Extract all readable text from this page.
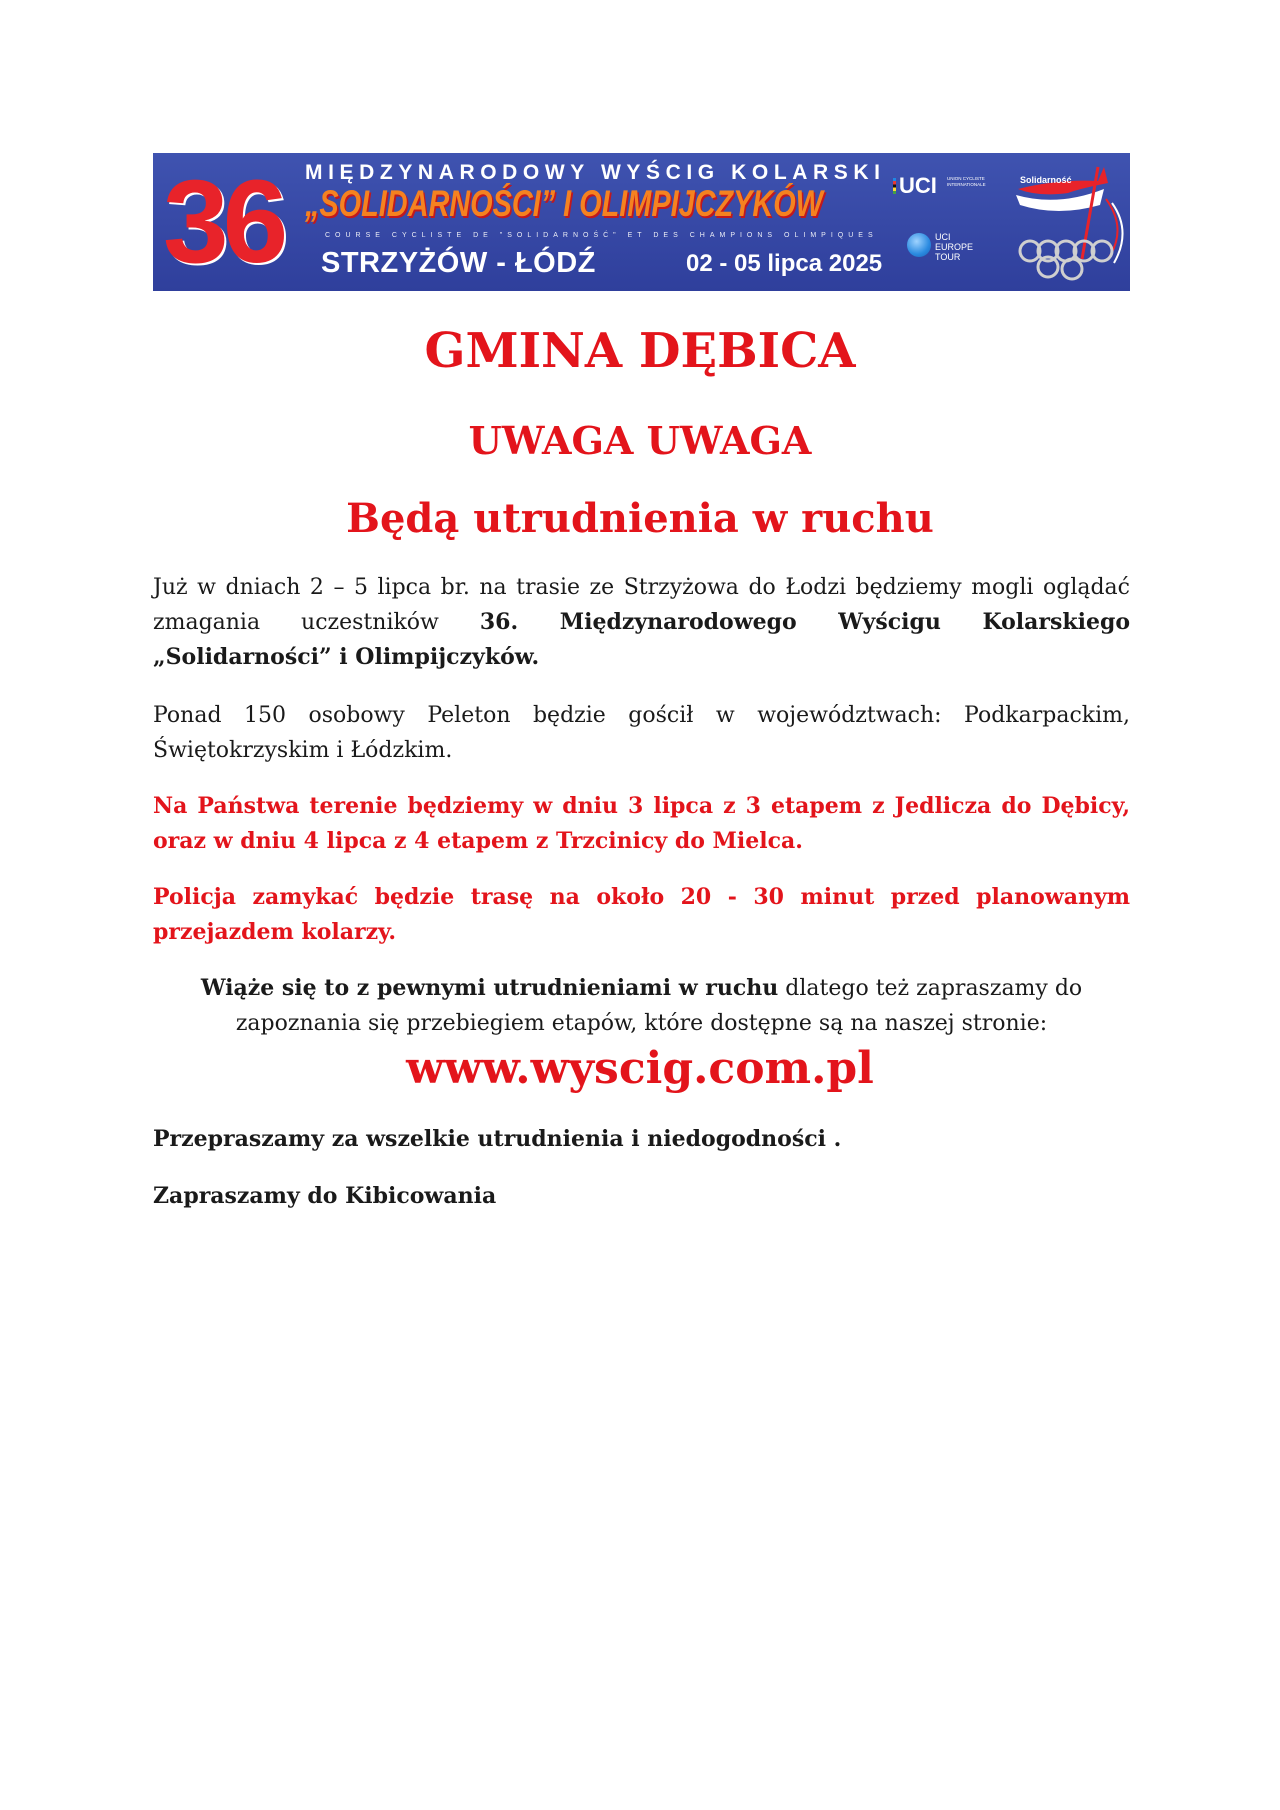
36 MIĘDZYNARODOWY WYŚCIG KOLARSKI
„SOLIDARNOŚCI” I OLIMPIJCZYKÓW
COURSE CYCLISTE DE "SOLIDARNOŚĆ" ET DES CHAMPIONS OLIMPIQUES
STRZYŻÓW - ŁÓDŹ	02 - 05 lipca 2025
UCI UNION CYCLISTE INTERNATIONALE
UCI
EUROPE
TOUR
Solidarność
GMINA DĘBICA
UWAGA UWAGA
Będą utrudnienia w ruchu
Już w dniach 2 – 5 lipca br. na trasie ze Strzyżowa do Łodzi będziemy mogli oglądać zmagania uczestników 36. Międzynarodowego Wyścigu Kolarskiego „Solidarności” i Olimpijczyków.
Ponad 150 osobowy Peleton będzie gościł w województwach: Podkarpackim, Świętokrzyskim i Łódzkim.
Na Państwa terenie będziemy w dniu 3 lipca z 3 etapem z Jedlicza do Dębicy, oraz w dniu 4 lipca z 4 etapem z Trzcinicy do Mielca.
Policja zamykać będzie trasę na około 20 - 30 minut przed planowanym przejazdem kolarzy.
Wiąże się to z pewnymi utrudnieniami w ruchu dlatego też zapraszamy do zapoznania się przebiegiem etapów, które dostępne są na naszej stronie:
www.wyscig.com.pl
Przepraszamy za wszelkie utrudnienia i niedogodności .
Zapraszamy do Kibicowania
